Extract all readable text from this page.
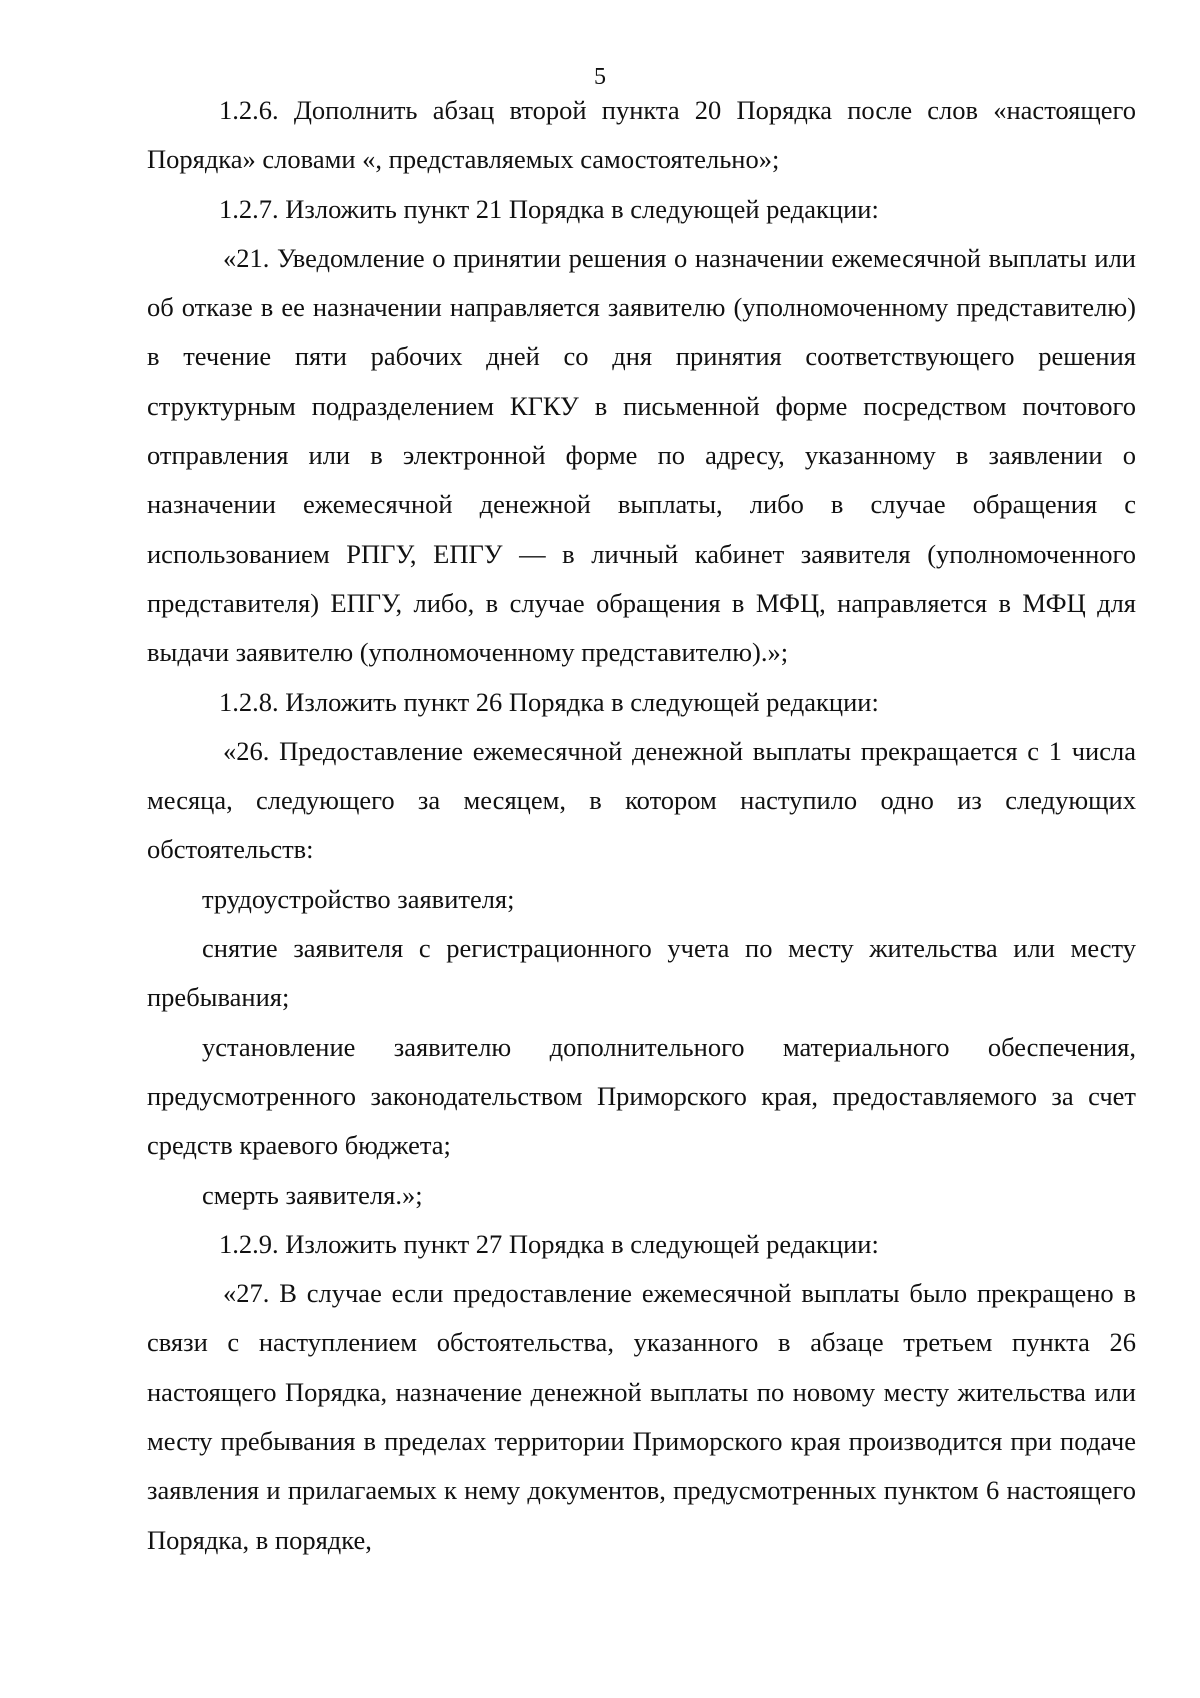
5

1.2.6. Дополнить абзац второй пункта 20 Порядка после слов «настоящего Порядка» словами «, представляемых самостоятельно»;

1.2.7. Изложить пункт 21 Порядка в следующей редакции:

«21. Уведомление о принятии решения о назначении ежемесячной выплаты или об отказе в ее назначении направляется заявителю (уполномоченному представителю) в течение пяти рабочих дней со дня принятия соответствующего решения структурным подразделением КГКУ в письменной форме посредством почтового отправления или в электронной форме по адресу, указанному в заявлении о назначении ежемесячной денежной выплаты, либо в случае обращения с использованием РПГУ, ЕПГУ — в личный кабинет заявителя (уполномоченного представителя) ЕПГУ, либо, в случае обращения в МФЦ, направляется в МФЦ для выдачи заявителю (уполномоченному представителю).»;

1.2.8. Изложить пункт 26 Порядка в следующей редакции:

«26. Предоставление ежемесячной денежной выплаты прекращается с 1 числа месяца, следующего за месяцем, в котором наступило одно из следующих обстоятельств:

трудоустройство заявителя;

снятие заявителя с регистрационного учета по месту жительства или месту пребывания;

установление заявителю дополнительного материального обеспечения, предусмотренного законодательством Приморского края, предоставляемого за счет средств краевого бюджета;

смерть заявителя.»;

1.2.9. Изложить пункт 27 Порядка в следующей редакции:

«27. В случае если предоставление ежемесячной выплаты было прекращено в связи с наступлением обстоятельства, указанного в абзаце третьем пункта 26 настоящего Порядка, назначение денежной выплаты по новому месту жительства или месту пребывания в пределах территории Приморского края производится при подаче заявления и прилагаемых к нему документов, предусмотренных пунктом 6 настоящего Порядка, в порядке,
